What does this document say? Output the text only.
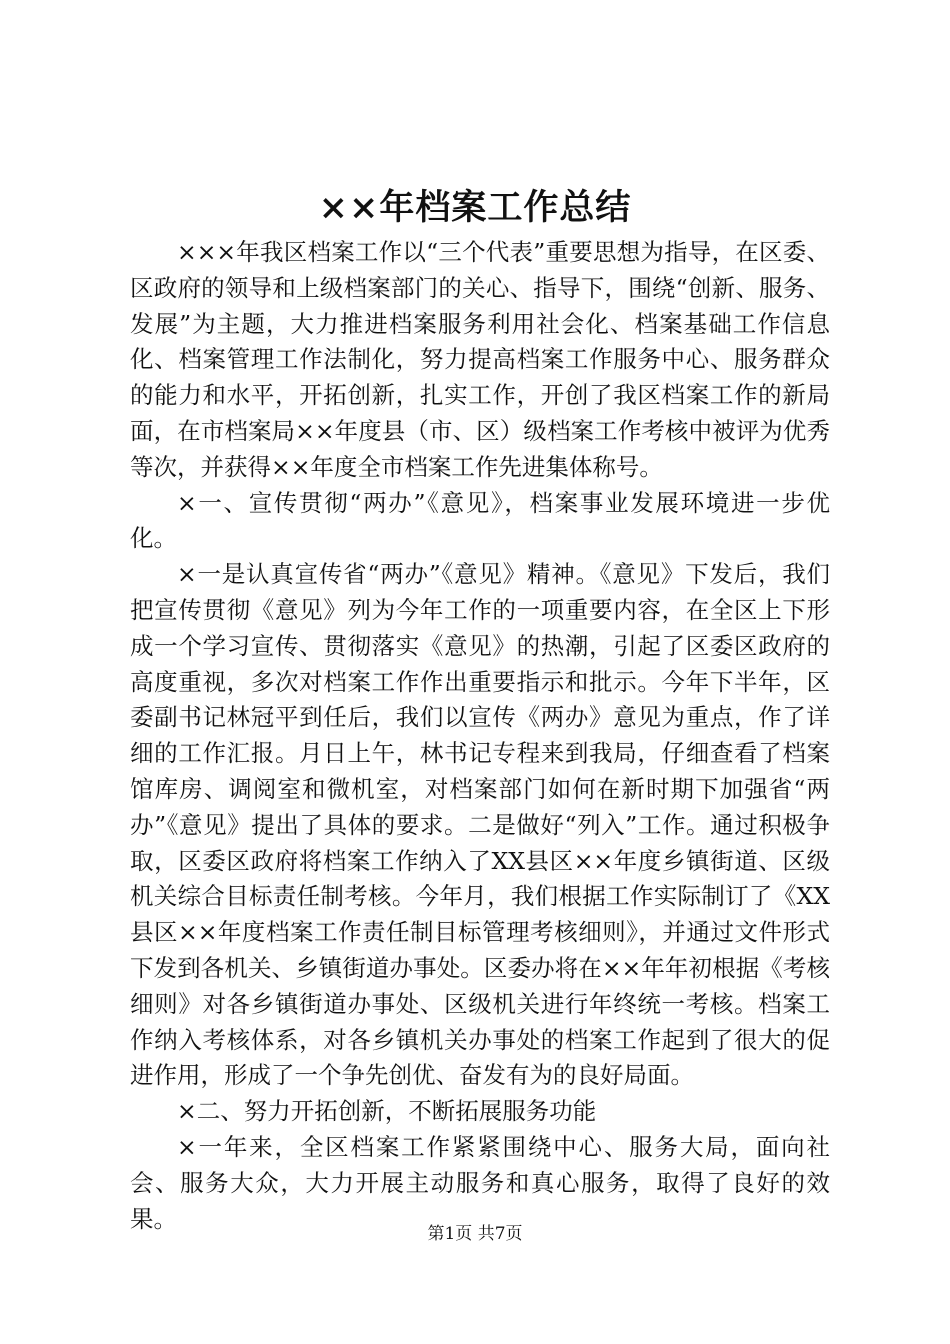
××年档案工作总结

×××年我区档案工作以“三个代表”重要思想为指导，在区委、区政府的领导和上级档案部门的关心、指导下，围绕“创新、服务、发展”为主题，大力推进档案服务利用社会化、档案基础工作信息化、档案管理工作法制化，努力提高档案工作服务中心、服务群众的能力和水平，开拓创新，扎实工作，开创了我区档案工作的新局面，在市档案局××年度县（市、区）级档案工作考核中被评为优秀等次，并获得××年度全市档案工作先进集体称号。

×一、宣传贯彻“两办”《意见》，档案事业发展环境进一步优化。

×一是认真宣传省“两办”《意见》精神。《意见》下发后，我们把宣传贯彻《意见》列为今年工作的一项重要内容，在全区上下形成一个学习宣传、贯彻落实《意见》的热潮，引起了区委区政府的高度重视，多次对档案工作作出重要指示和批示。今年下半年，区委副书记林冠平到任后，我们以宣传《两办》意见为重点，作了详细的工作汇报。月日上午，林书记专程来到我局，仔细查看了档案馆库房、调阅室和微机室，对档案部门如何在新时期下加强省“两办”《意见》提出了具体的要求。二是做好“列入”工作。通过积极争取，区委区政府将档案工作纳入了XX县区××年度乡镇街道、区级机关综合目标责任制考核。今年月，我们根据工作实际制订了《XX县区××年度档案工作责任制目标管理考核细则》，并通过文件形式下发到各机关、乡镇街道办事处。区委办将在××年年初根据《考核细则》对各乡镇街道办事处、区级机关进行年终统一考核。档案工作纳入考核体系，对各乡镇机关办事处的档案工作起到了很大的促进作用，形成了一个争先创优、奋发有为的良好局面。

×二、努力开拓创新，不断拓展服务功能

×一年来，全区档案工作紧紧围绕中心、服务大局，面向社会、服务大众，大力开展主动服务和真心服务，取得了良好的效果。

第1页 共7页
